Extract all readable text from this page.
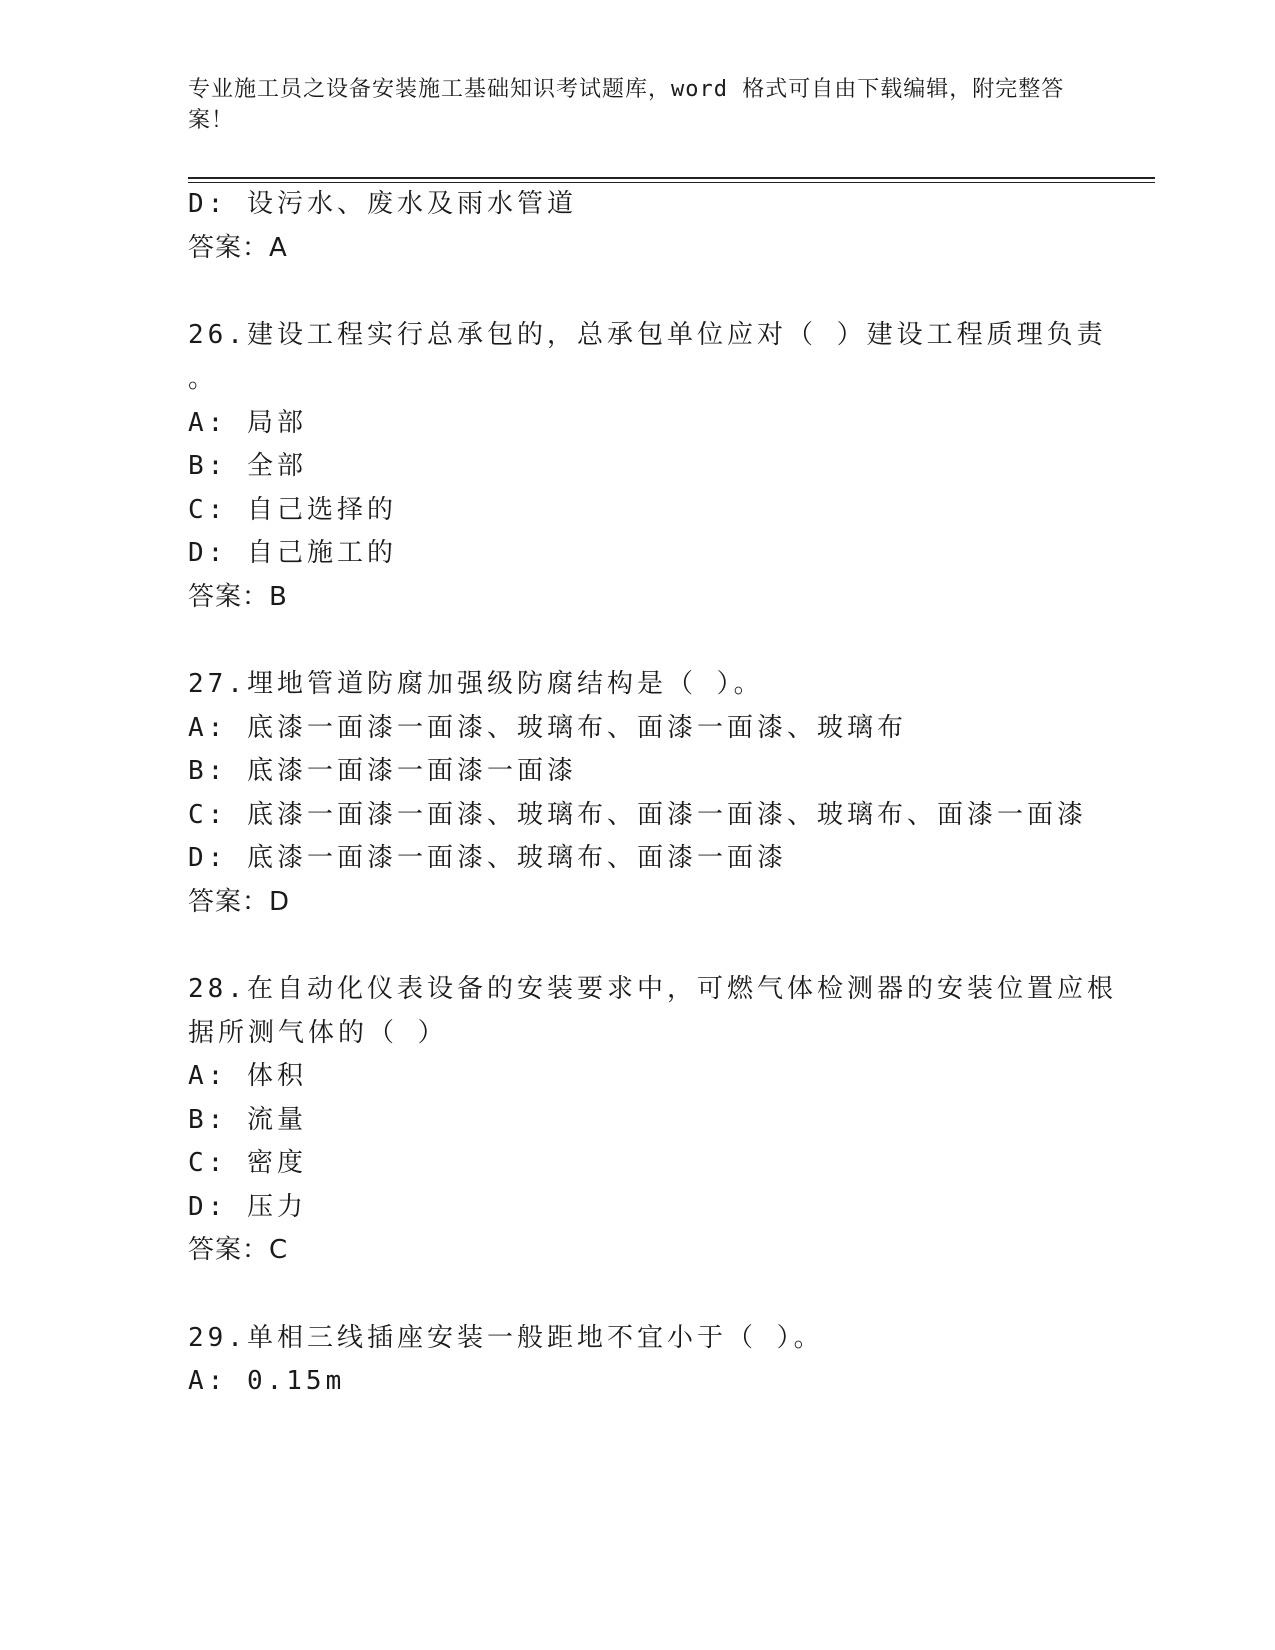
专业施工员之设备安装施工基础知识考试题库，word 格式可自由下载编辑，附完整答案！
D: 设污水、废水及雨水管道
答案：A
26.建设工程实行总承包的，总承包单位应对（ ）建设工程质理负责
。
A: 局部
B: 全部
C: 自己选择的
D: 自己施工的
答案：B
27.埋地管道防腐加强级防腐结构是（ ）。
A: 底漆一面漆一面漆、玻璃布、面漆一面漆、玻璃布
B: 底漆一面漆一面漆一面漆
C: 底漆一面漆一面漆、玻璃布、面漆一面漆、玻璃布、面漆一面漆
D: 底漆一面漆一面漆、玻璃布、面漆一面漆
答案：D
28.在自动化仪表设备的安装要求中，可燃气体检测器的安装位置应根
据所测气体的（ ）
A: 体积
B: 流量
C: 密度
D: 压力
答案：C
29.单相三线插座安装一般距地不宜小于（ ）。
A: 0.15m
